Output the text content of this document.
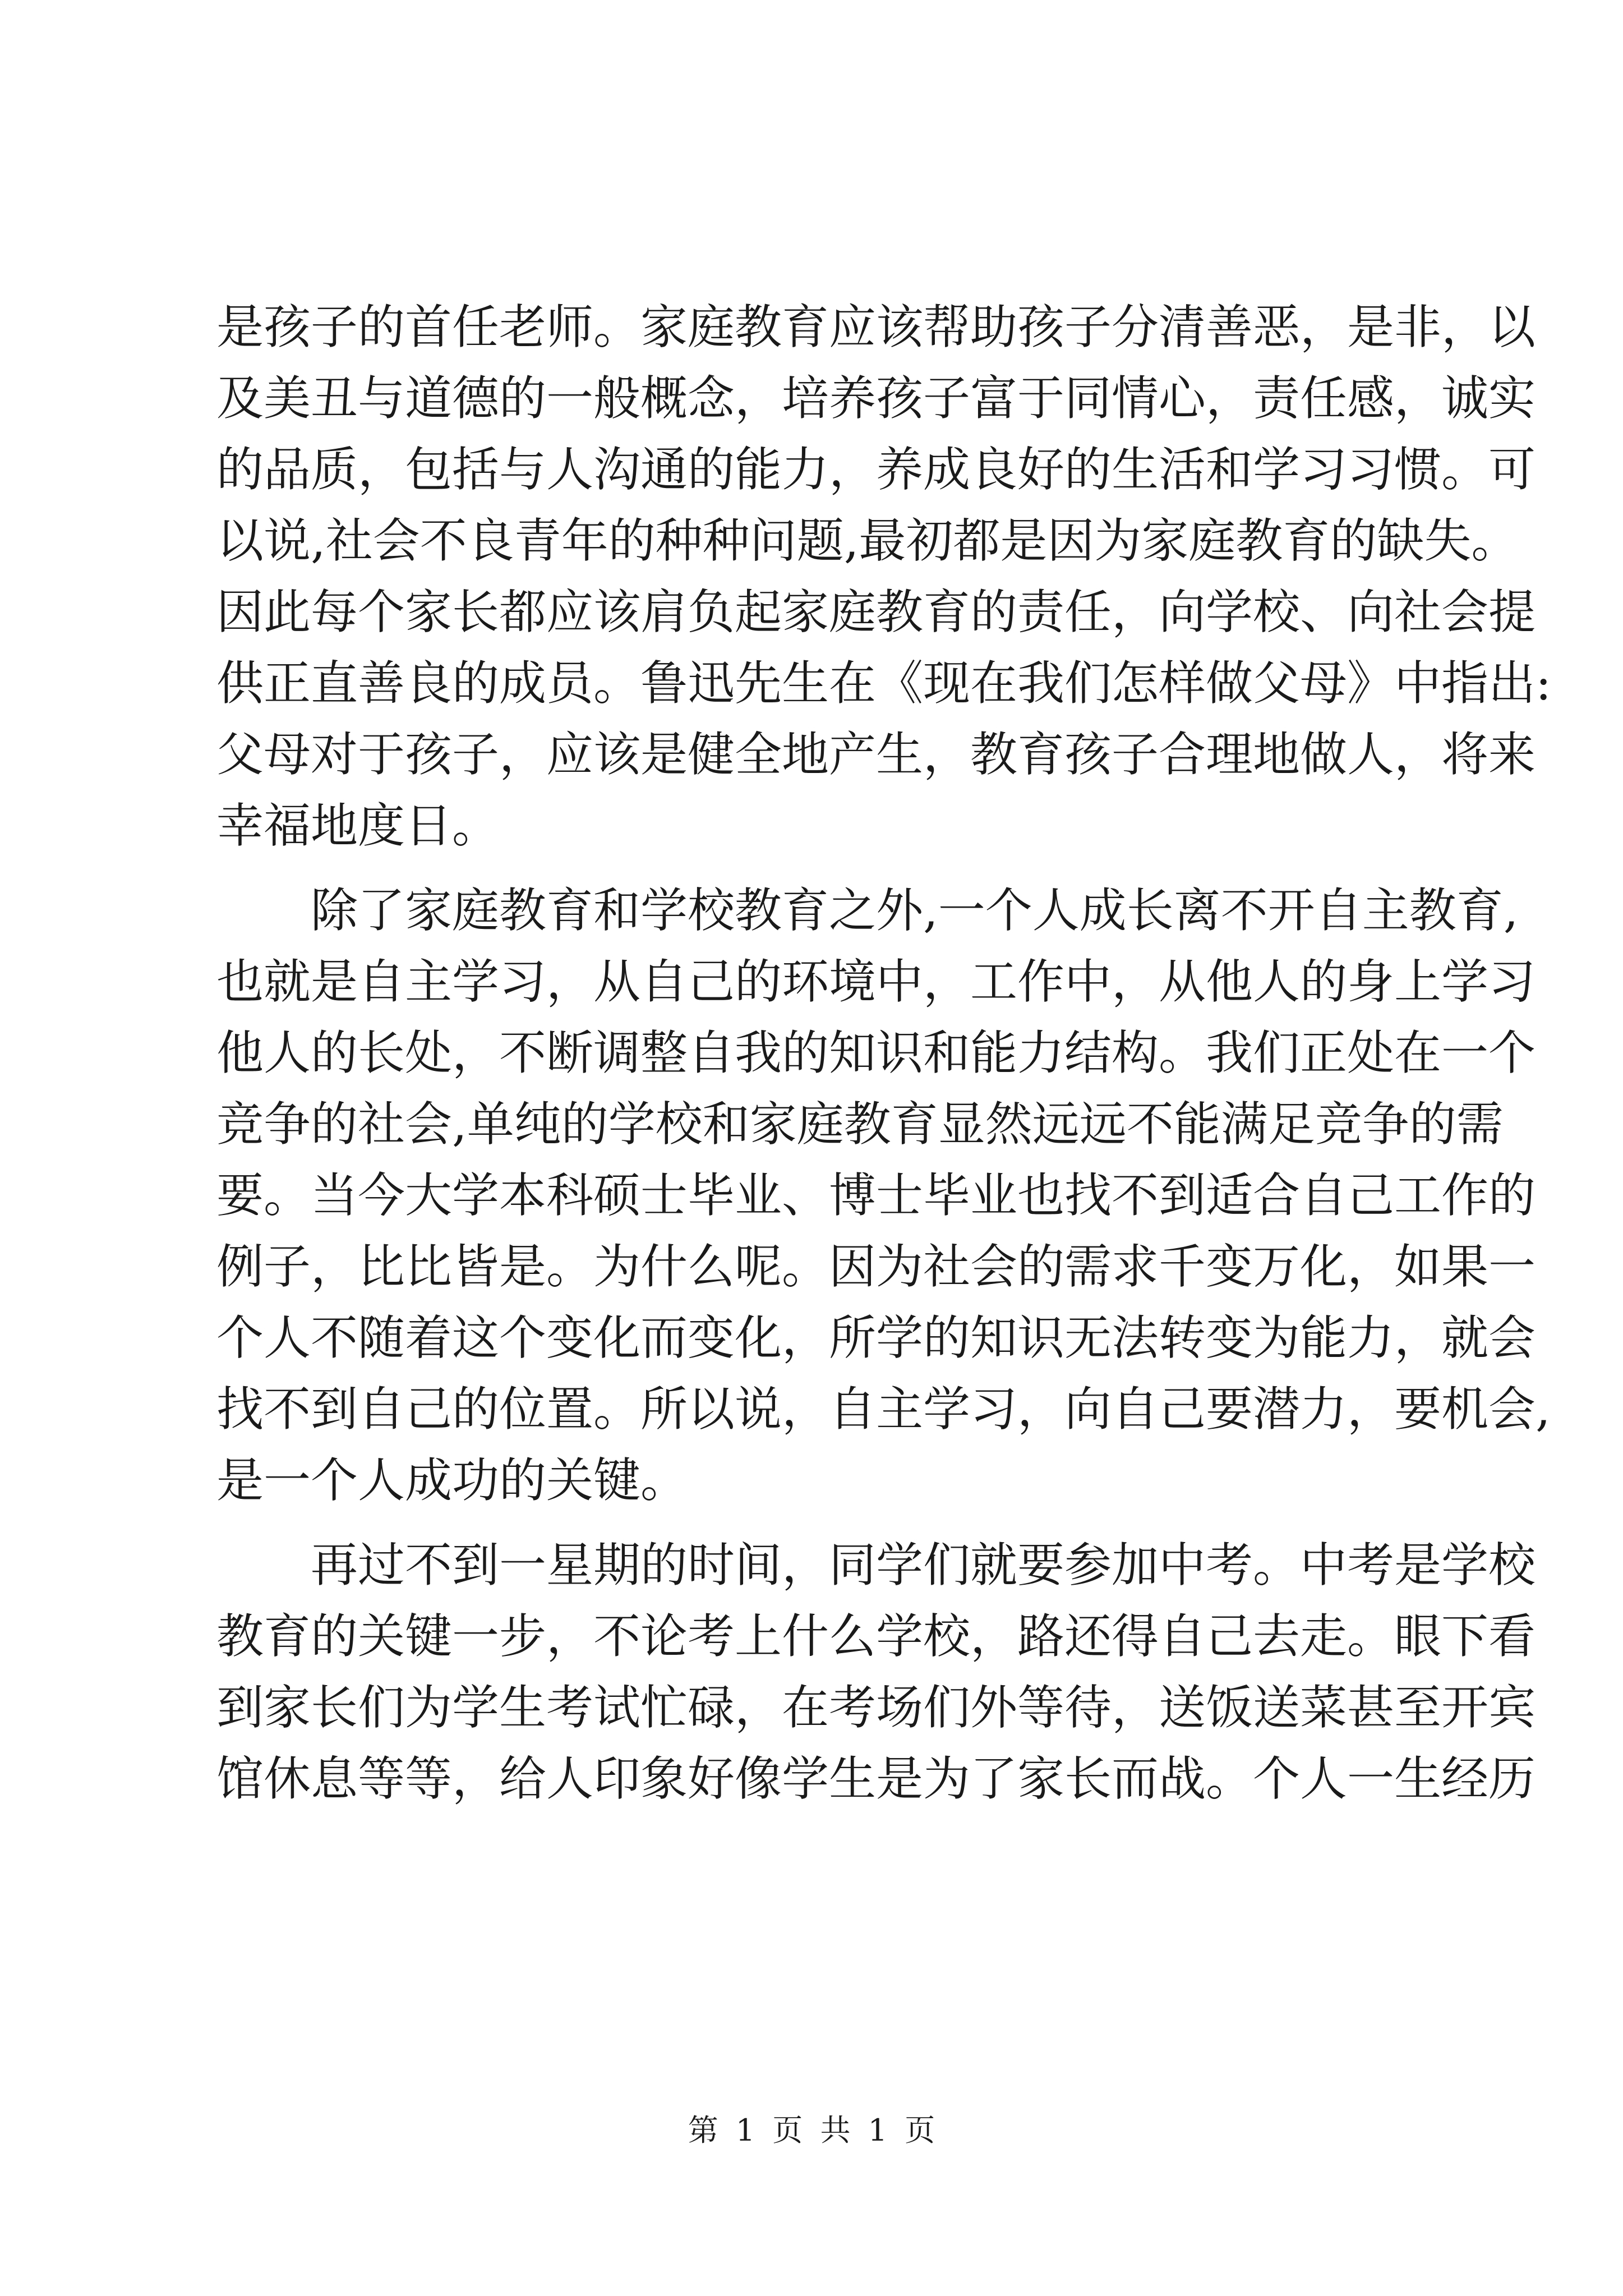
是孩子的首任老师。家庭教育应该帮助孩子分清善恶，是非，以
及美丑与道德的一般概念，培养孩子富于同情心，责任感，诚实
的品质，包括与人沟通的能力，养成良好的生活和学习习惯。可
以说,社会不良青年的种种问题,最初都是因为家庭教育的缺失。
因此每个家长都应该肩负起家庭教育的责任，向学校、向社会提
供正直善良的成员。鲁迅先生在《现在我们怎样做父母》中指出:
父母对于孩子，应该是健全地产生，教育孩子合理地做人，将来
幸福地度日。
除了家庭教育和学校教育之外,一个人成长离不开自主教育,
也就是自主学习，从自己的环境中，工作中，从他人的身上学习
他人的长处，不断调整自我的知识和能力结构。我们正处在一个
竞争的社会,单纯的学校和家庭教育显然远远不能满足竞争的需
要。当今大学本科硕士毕业、博士毕业也找不到适合自己工作的
例子，比比皆是。为什么呢。因为社会的需求千变万化，如果一
个人不随着这个变化而变化，所学的知识无法转变为能力，就会
找不到自己的位置。所以说，自主学习，向自己要潜力，要机会,
是一个人成功的关键。
再过不到一星期的时间，同学们就要参加中考。中考是学校
教育的关键一步，不论考上什么学校，路还得自己去走。眼下看
到家长们为学生考试忙碌，在考场们外等待，送饭送菜甚至开宾
馆休息等等，给人印象好像学生是为了家长而战。个人一生经历
第 1 页 共 1 页
